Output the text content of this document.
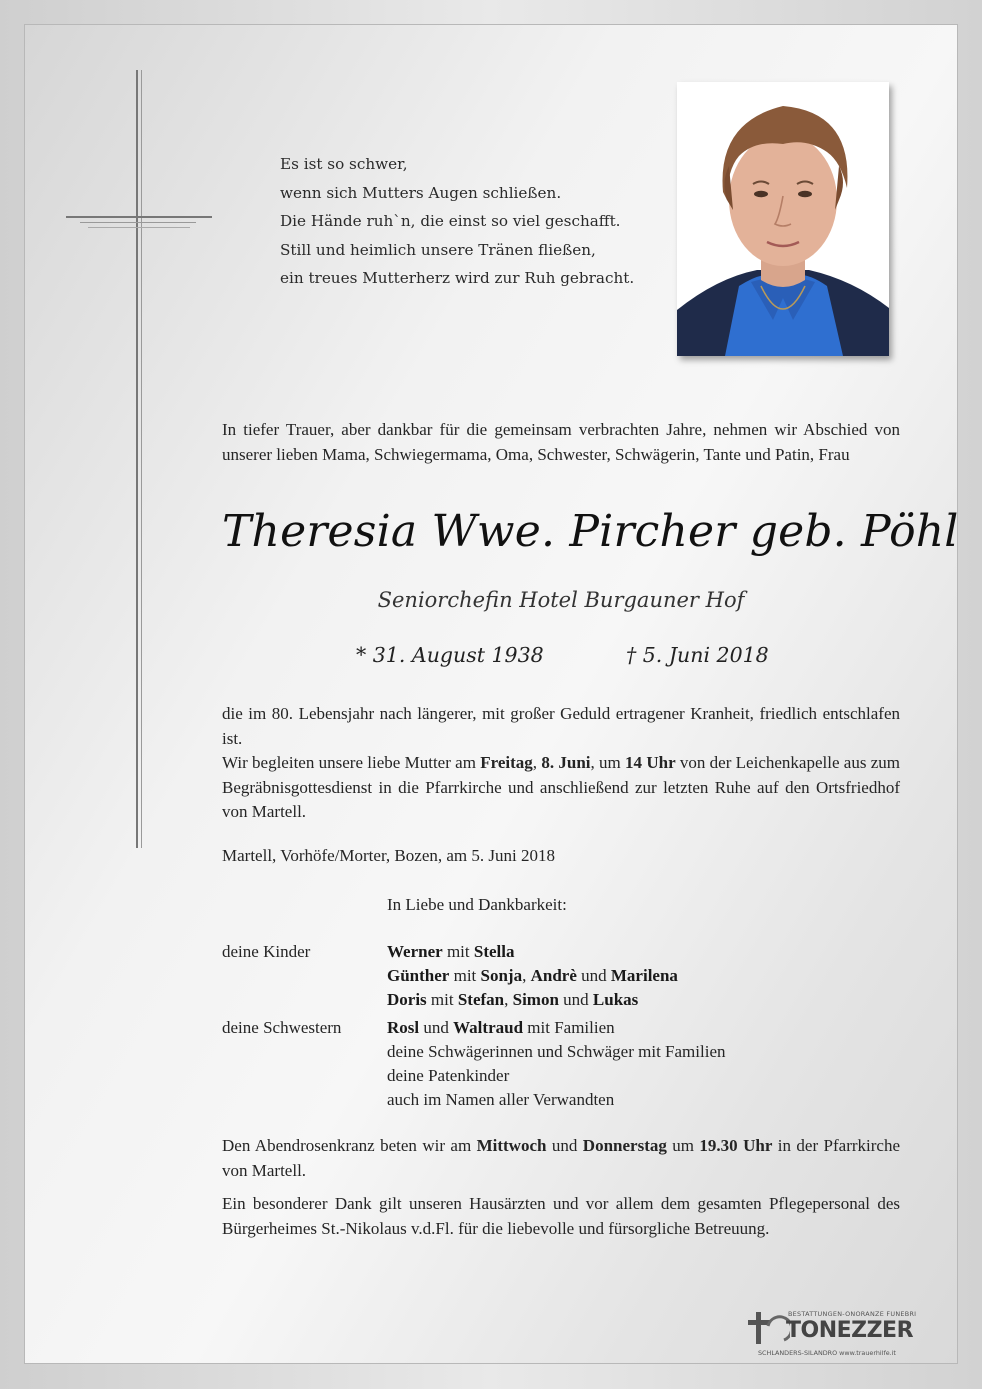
Es ist so schwer,
wenn sich Mutters Augen schließen.
Die Hände ruh`n, die einst so viel geschafft.
Still und heimlich unsere Tränen fließen,
ein treues Mutterherz wird zur Ruh gebracht.
In tiefer Trauer, aber dankbar für die gemeinsam verbrachten Jahre, nehmen wir Abschied von unserer lieben Mama, Schwiegermama, Oma, Schwester, Schwägerin, Tante und Patin, Frau
Theresia Wwe. Pircher geb. Pöhl
Seniorchefin Hotel Burgauner Hof
* 31. August 1938	† 5. Juni 2018
die im 80. Lebensjahr nach längerer, mit großer Geduld ertragener Kranheit, friedlich entschlafen ist.
Wir begleiten unsere liebe Mutter am Freitag, 8. Juni, um 14 Uhr von der Leichenkapelle aus zum Begräbnisgottesdienst in die Pfarrkirche und anschließend zur letzten Ruhe auf den Ortsfriedhof von Martell.
Martell, Vorhöfe/Morter, Bozen, am 5. Juni 2018
In Liebe und Dankbarkeit:
deine Kinder	Werner mit Stella
Günther mit Sonja, Andrè und Marilena
Doris mit Stefan, Simon und Lukas
deine Schwestern	Rosl und Waltraud mit Familien
deine Schwägerinnen und Schwäger mit Familien
deine Patenkinder
auch im Namen aller Verwandten
Den Abendrosenkranz beten wir am Mittwoch und Donnerstag um 19.30 Uhr in der Pfarrkirche von Martell.
Ein besonderer Dank gilt unseren Hausärzten und vor allem dem gesamten Pflegepersonal des Bürgerheimes St.-Nikolaus v.d.Fl. für die liebevolle und fürsorgliche Betreuung.
BESTATTUNGEN-ONORANZE FUNEBRI
TONEZZER
SCHLANDERS-SILANDRO www.trauerhilfe.it
